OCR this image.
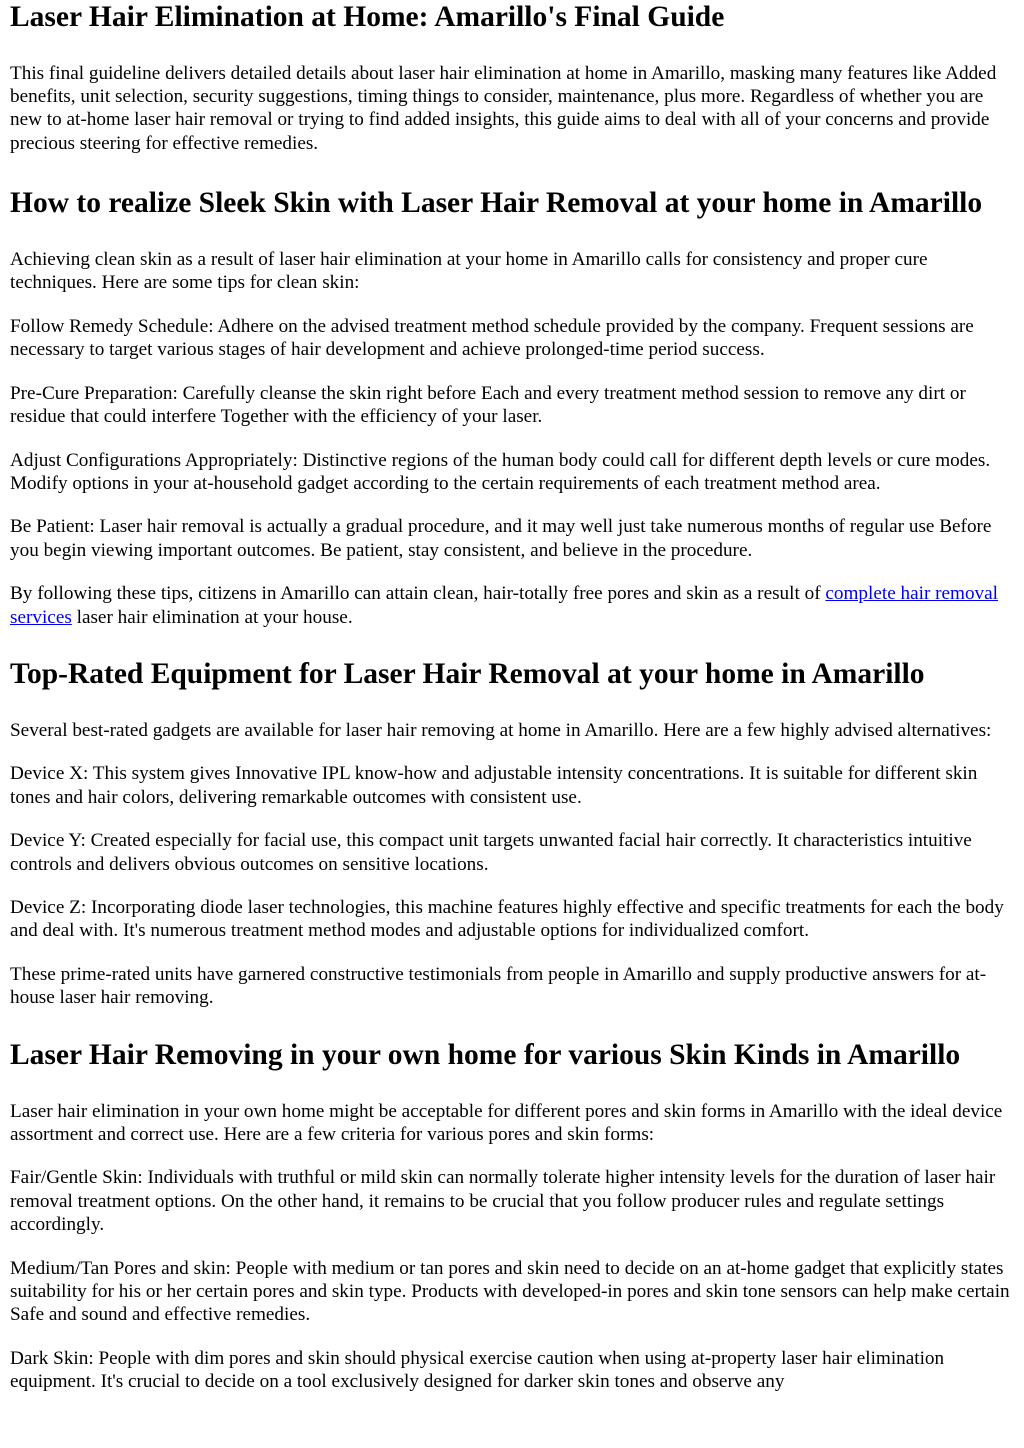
Laser Hair Elimination at Home: Amarillo's Final Guide

This final guideline delivers detailed details about laser hair elimination at home in Amarillo, masking many features like Added benefits, unit selection, security suggestions, timing things to consider, maintenance, plus more. Regardless of whether you are new to at-home laser hair removal or trying to find added insights, this guide aims to deal with all of your concerns and provide precious steering for effective remedies.

How to realize Sleek Skin with Laser Hair Removal at your home in Amarillo

Achieving clean skin as a result of laser hair elimination at your home in Amarillo calls for consistency and proper cure techniques. Here are some tips for clean skin:

Follow Remedy Schedule: Adhere on the advised treatment method schedule provided by the company. Frequent sessions are necessary to target various stages of hair development and achieve prolonged-time period success.

Pre-Cure Preparation: Carefully cleanse the skin right before Each and every treatment method session to remove any dirt or residue that could interfere Together with the efficiency of your laser.

Adjust Configurations Appropriately: Distinctive regions of the human body could call for different depth levels or cure modes. Modify options in your at-household gadget according to the certain requirements of each treatment method area.

Be Patient: Laser hair removal is actually a gradual procedure, and it may well just take numerous months of regular use Before you begin viewing important outcomes. Be patient, stay consistent, and believe in the procedure.

By following these tips, citizens in Amarillo can attain clean, hair-totally free pores and skin as a result of complete hair removal services laser hair elimination at your house.

Top-Rated Equipment for Laser Hair Removal at your home in Amarillo

Several best-rated gadgets are available for laser hair removing at home in Amarillo. Here are a few highly advised alternatives:

Device X: This system gives Innovative IPL know-how and adjustable intensity concentrations. It is suitable for different skin tones and hair colors, delivering remarkable outcomes with consistent use.

Device Y: Created especially for facial use, this compact unit targets unwanted facial hair correctly. It characteristics intuitive controls and delivers obvious outcomes on sensitive locations.

Device Z: Incorporating diode laser technologies, this machine features highly effective and specific treatments for each the body and deal with. It's numerous treatment method modes and adjustable options for individualized comfort.

These prime-rated units have garnered constructive testimonials from people in Amarillo and supply productive answers for at-house laser hair removing.

Laser Hair Removing in your own home for various Skin Kinds in Amarillo

Laser hair elimination in your own home might be acceptable for different pores and skin forms in Amarillo with the ideal device assortment and correct use. Here are a few criteria for various pores and skin forms:

Fair/Gentle Skin: Individuals with truthful or mild skin can normally tolerate higher intensity levels for the duration of laser hair removal treatment options. On the other hand, it remains to be crucial that you follow producer rules and regulate settings accordingly.

Medium/Tan Pores and skin: People with medium or tan pores and skin need to decide on an at-home gadget that explicitly states suitability for his or her certain pores and skin type. Products with developed-in pores and skin tone sensors can help make certain Safe and sound and effective remedies.

Dark Skin: People with dim pores and skin should physical exercise caution when using at-property laser hair elimination equipment. It's crucial to decide on a tool exclusively designed for darker skin tones and observe any
